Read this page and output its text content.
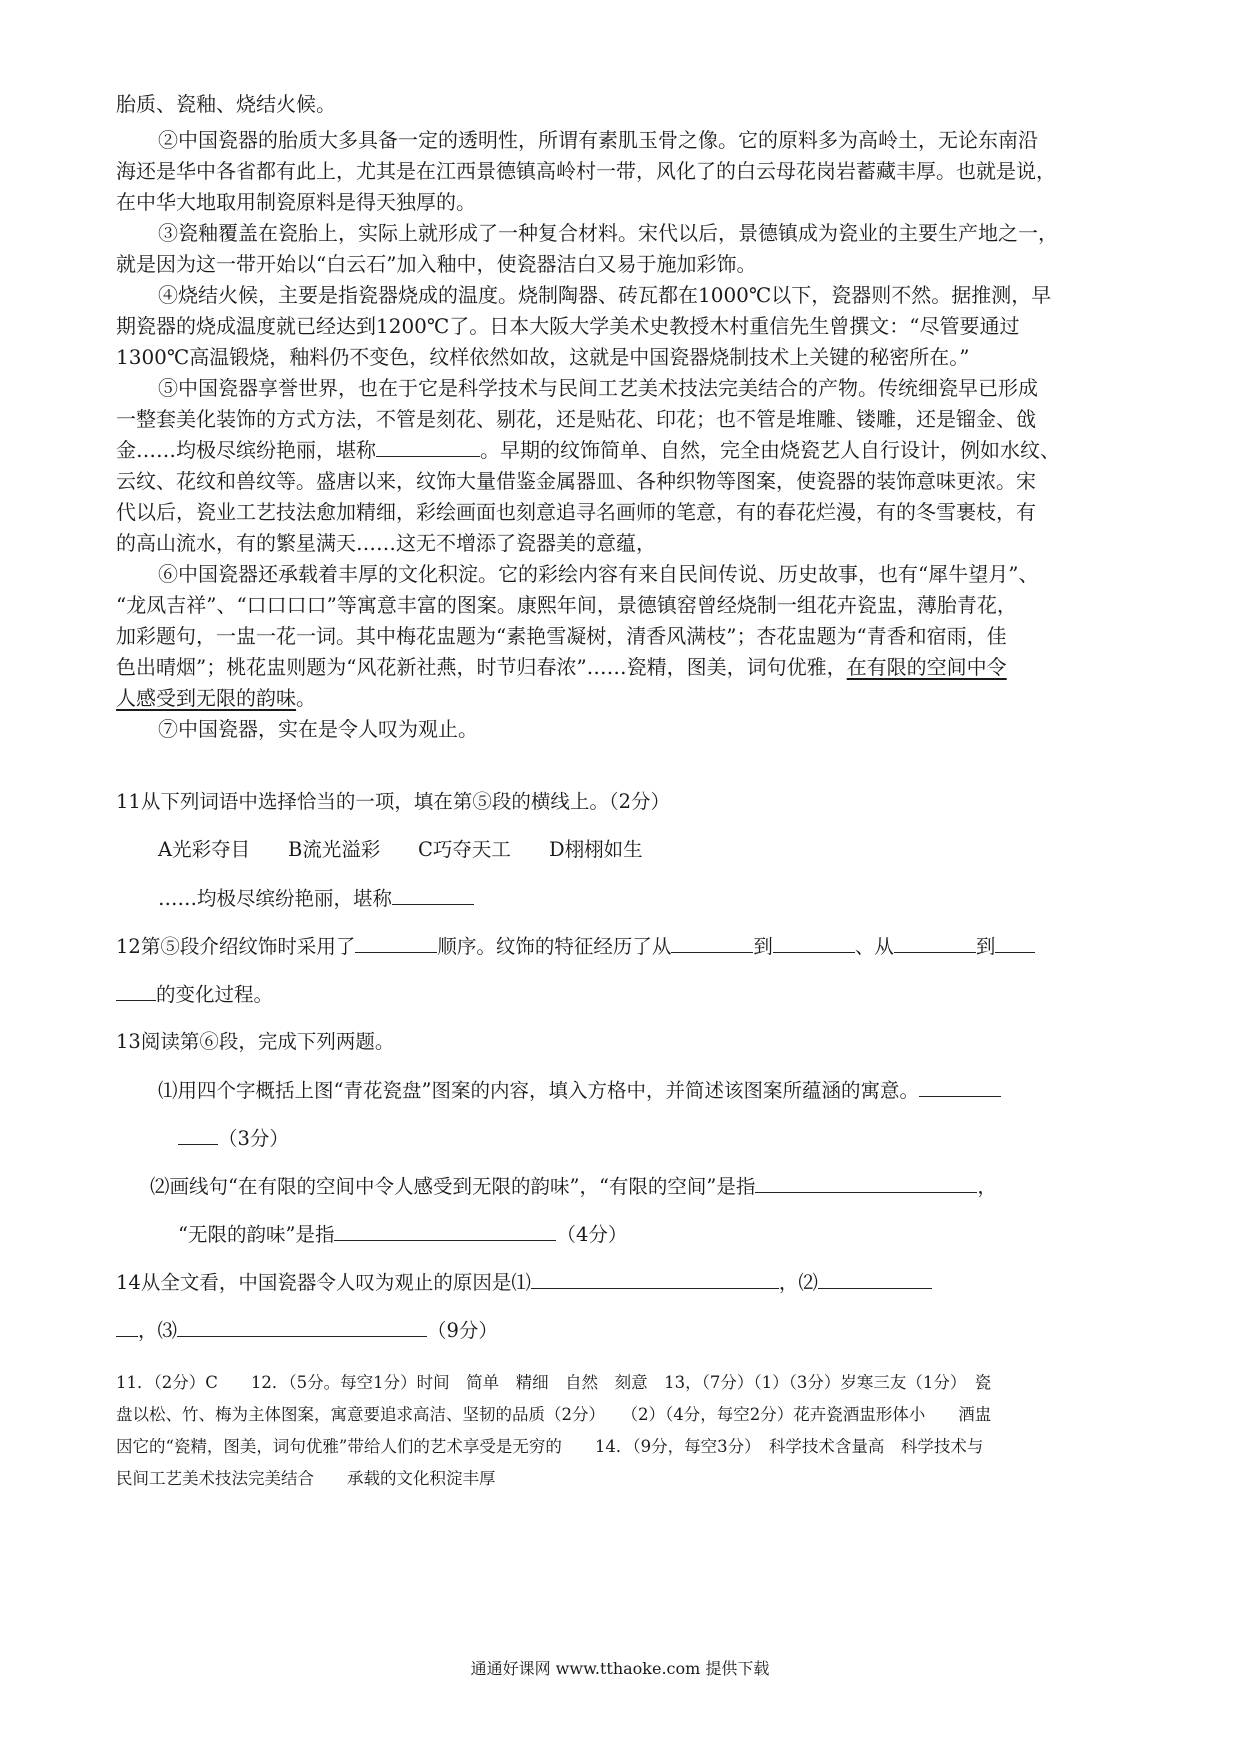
胎质、瓷釉、烧结火候。
②中国瓷器的胎质大多具备一定的透明性，所谓有素肌玉骨之像。它的原料多为高岭土，无论东南沿
海还是华中各省都有此上，尤其是在江西景德镇高岭村一带，风化了的白云母花岗岩蓄藏丰厚。也就是说，
在中华大地取用制瓷原料是得天独厚的。
③瓷釉覆盖在瓷胎上，实际上就形成了一种复合材料。宋代以后，景德镇成为瓷业的主要生产地之一，
就是因为这一带开始以“白云石”加入釉中，使瓷器洁白又易于施加彩饰。
④烧结火候，主要是指瓷器烧成的温度。烧制陶器、砖瓦都在1000℃以下，瓷器则不然。据推测，早
期瓷器的烧成温度就已经达到1200℃了。日本大阪大学美术史教授木村重信先生曾撰文：“尽管要通过
1300℃高温锻烧，釉料仍不变色，纹样依然如故，这就是中国瓷器烧制技术上关键的秘密所在。”
⑤中国瓷器享誉世界，也在于它是科学技术与民间工艺美术技法完美结合的产物。传统细瓷早已形成
一整套美化装饰的方式方法，不管是刻花、剔花，还是贴花、印花；也不管是堆雕、镂雕，还是镏金、戗
金……均极尽缤纷艳丽，堪称	。早期的纹饰简单、自然，完全由烧瓷艺人自行设计，例如水纹、
云纹、花纹和兽纹等。盛唐以来，纹饰大量借鉴金属器皿、各种织物等图案，使瓷器的装饰意味更浓。宋
代以后，瓷业工艺技法愈加精细，彩绘画面也刻意追寻名画师的笔意，有的春花烂漫，有的冬雪裹枝，有
的高山流水，有的繁星满天……这无不增添了瓷器美的意蕴，
⑥中国瓷器还承载着丰厚的文化积淀。它的彩绘内容有来自民间传说、历史故事，也有“犀牛望月”、
“龙凤吉祥”、“口口口口”等寓意丰富的图案。康熙年间，景德镇窑曾经烧制一组花卉瓷盅，薄胎青花，
加彩题句，一盅一花一词。其中梅花盅题为“素艳雪凝树，清香风满枝”；杏花盅题为“青香和宿雨，佳
色出晴烟”；桃花盅则题为“风花新社燕，时节归春浓”……瓷精，图美，词句优雅，在有限的空间中令
人感受到无限的韵味。
⑦中国瓷器，实在是令人叹为观止。
11从下列词语中选择恰当的一项，填在第⑤段的横线上。（2分）
A光彩夺目 B流光溢彩 C巧夺天工 D栩栩如生
……均极尽缤纷艳丽，堪称
12第⑤段介绍纹饰时采用了	顺序。纹饰的特征经历了从	到	、从	到
的变化过程。
13阅读第⑥段，完成下列两题。
⑴用四个字概括上图“青花瓷盘”图案的内容，填入方格中，并简述该图案所蕴涵的寓意。
（3分）
⑵画线句“在有限的空间中令人感受到无限的韵味”，“有限的空间”是指	，
“无限的韵味”是指	（4分）
14从全文看，中国瓷器令人叹为观止的原因是⑴	，⑵
，⑶	（9分）
11．（2分）C　　12．（5分。每空1分）时间　简单　精细　自然　刻意　13，（7分）（1）（3分）岁寒三友（1分）　瓷
盘以松、竹、梅为主体图案，寓意要追求高洁、坚韧的品质（2分）　　（2）（4分，每空2分）花卉瓷酒盅形体小　　酒盅
因它的“瓷精，图美，词句优雅”带给人们的艺术享受是无穷的　　14．（9分，每空3分）　科学技术含量高　科学技术与
民间工艺美术技法完美结合　　承载的文化积淀丰厚
通通好课网 www.tthaoke.com 提供下载
